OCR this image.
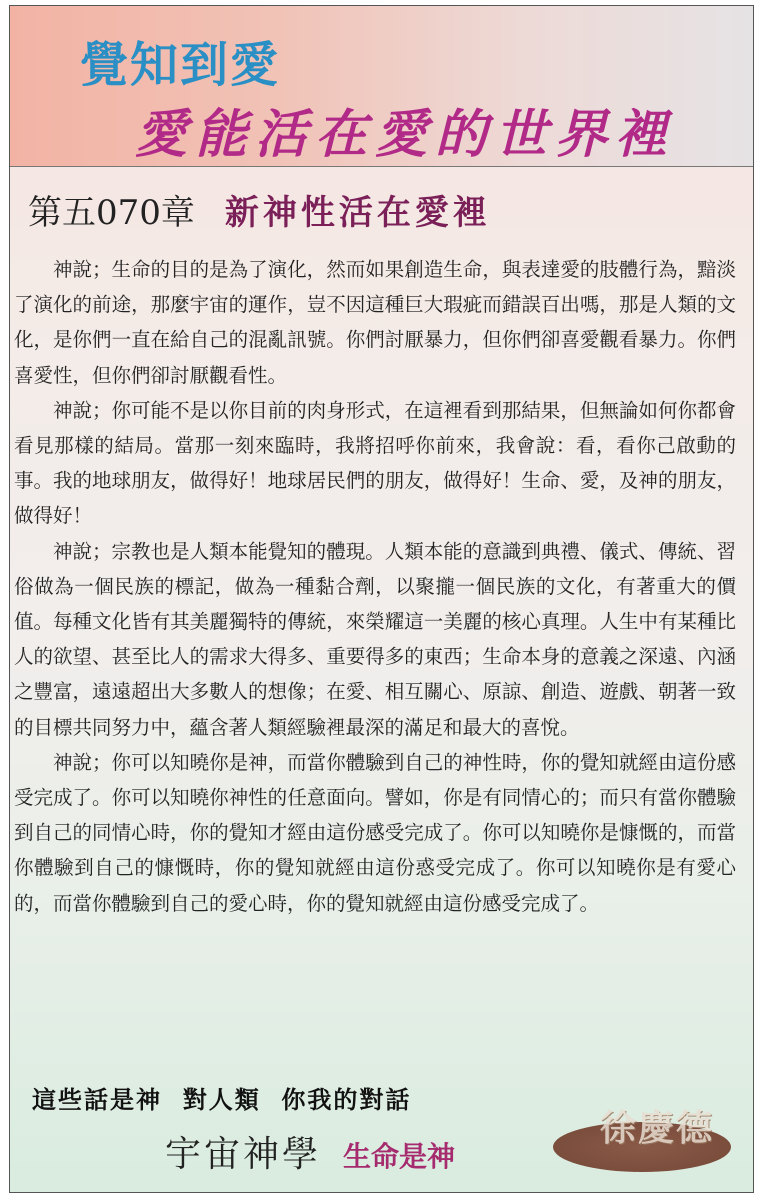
覺知到愛
愛能活在愛的世界裡
第五070章 新神性活在愛裡

神說；生命的目的是為了演化，然而如果創造生命，與表達愛的肢體行為，黯淡了演化的前途，那麼宇宙的運作，豈不因這種巨大瑕疵而錯誤百出嗎，那是人類的文化，是你們一直在給自己的混亂訊號。你們討厭暴力，但你們卻喜愛觀看暴力。你們喜愛性，但你們卻討厭觀看性。

神說；你可能不是以你目前的肉身形式，在這裡看到那結果，但無論如何你都會看見那樣的結局。當那一刻來臨時，我將招呼你前來，我會說：看，看你己啟動的事。我的地球朋友，做得好！地球居民們的朋友，做得好！生命、愛，及神的朋友，做得好！

神說；宗教也是人類本能覺知的體現。人類本能的意識到典禮、儀式、傳統、習俗做為一個民族的標記，做為一種黏合劑，以聚攏一個民族的文化，有著重大的價值。每種文化皆有其美麗獨特的傳統，來榮耀這一美麗的核心真理。人生中有某種比人的欲望、甚至比人的需求大得多、重要得多的東西；生命本身的意義之深遠、內涵之豐富，遠遠超出大多數人的想像；在愛、相互關心、原諒、創造、遊戲、朝著一致的目標共同努力中，蘊含著人類經驗裡最深的滿足和最大的喜悅。

神說；你可以知曉你是神，而當你體驗到自己的神性時，你的覺知就經由這份感受完成了。你可以知曉你神性的任意面向。譬如，你是有同情心的；而只有當你體驗到自己的同情心時，你的覺知才經由這份感受完成了。你可以知曉你是慷慨的，而當你體驗到自己的慷慨時，你的覺知就經由這份惑受完成了。你可以知曉你是有愛心的，而當你體驗到自己的愛心時，你的覺知就經由這份感受完成了。

這些話是神  對人類  你我的對話
宇宙神學 生命是神
徐慶德
